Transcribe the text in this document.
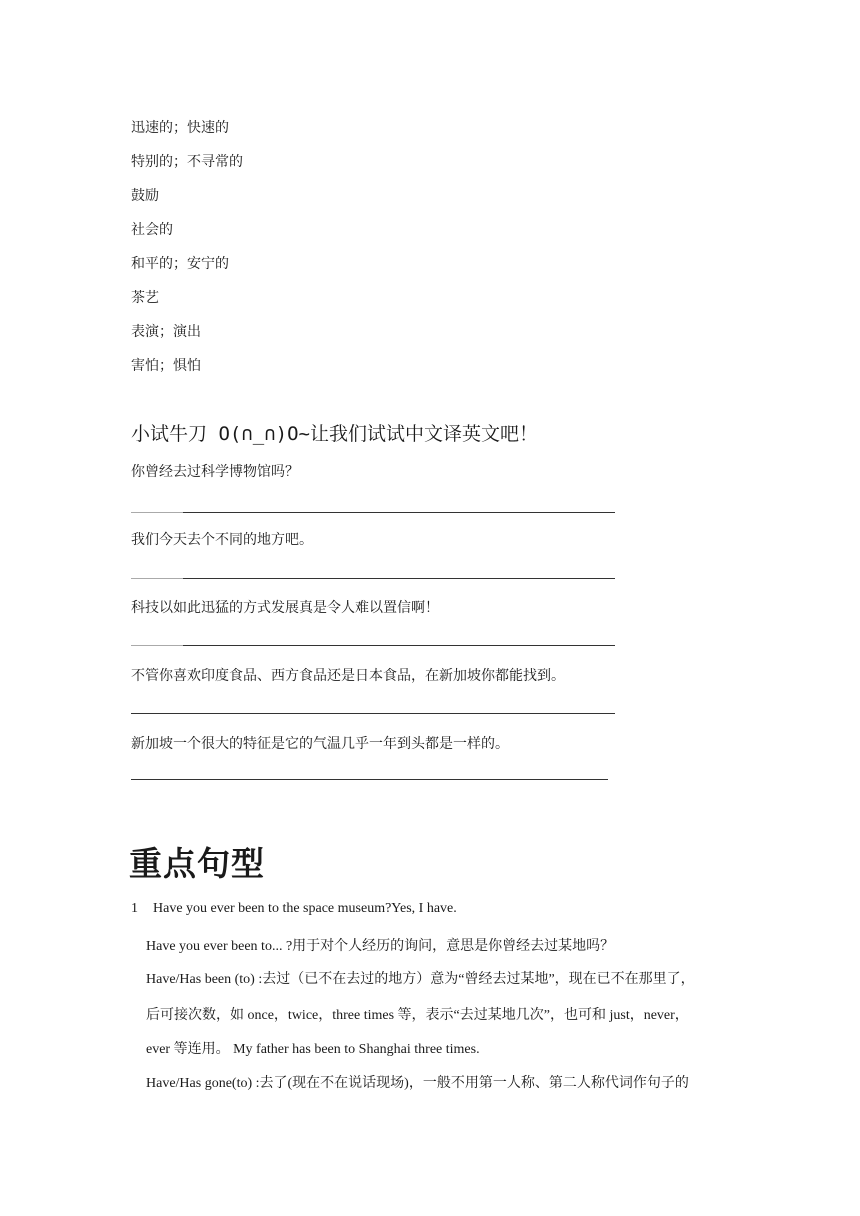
迅速的；快速的
特别的；不寻常的
鼓励
社会的
和平的；安宁的
茶艺
表演；演出
害怕；惧怕
小试牛刀 O(∩_∩)O~让我们试试中文译英文吧！
你曾经去过科学博物馆吗？
我们今天去个不同的地方吧。
科技以如此迅猛的方式发展真是令人难以置信啊！
不管你喜欢印度食品、西方食品还是日本食品，在新加坡你都能找到。
新加坡一个很大的特征是它的气温几乎一年到头都是一样的。
重点句型
1 Have you ever been to the space museum?Yes, I have.
Have you ever been to... ?用于对个人经历的询问，意思是你曾经去过某地吗？
Have/Has been (to) :去过（已不在去过的地方）意为“曾经去过某地”，现在已不在那里了，
后可接次数，如 once，twice，three times 等，表示“去过某地几次”，也可和 just，never，
ever 等连用。 My father has been to Shanghai three times.
Have/Has gone(to) :去了(现在不在说话现场)，一般不用第一人称、第二人称代词作句子的
